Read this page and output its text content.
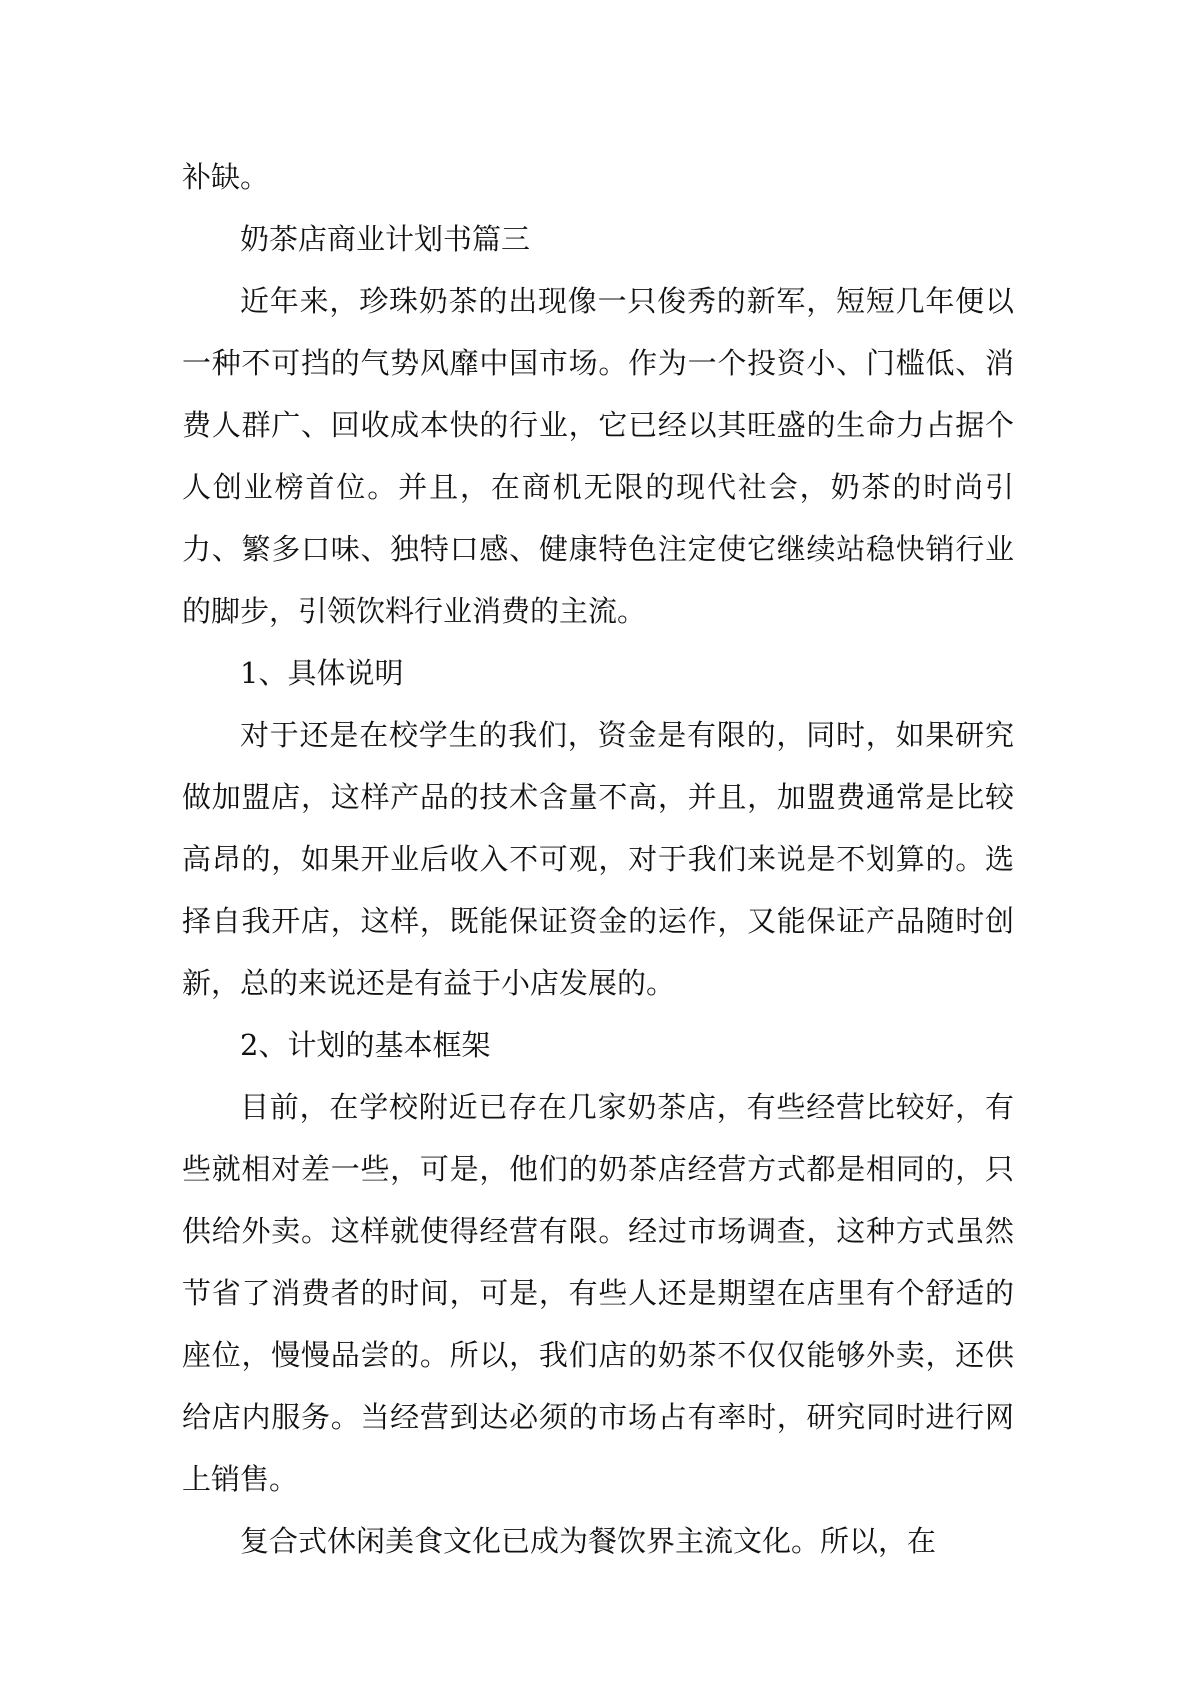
补缺。

奶茶店商业计划书篇三

近年来，珍珠奶茶的出现像一只俊秀的新军，短短几年便以一种不可挡的气势风靡中国市场。作为一个投资小、门槛低、消费人群广、回收成本快的行业，它已经以其旺盛的生命力占据个人创业榜首位。并且，在商机无限的现代社会，奶茶的时尚引力、繁多口味、独特口感、健康特色注定使它继续站稳快销行业的脚步，引领饮料行业消费的主流。

1、具体说明

对于还是在校学生的我们，资金是有限的，同时，如果研究做加盟店，这样产品的技术含量不高，并且，加盟费通常是比较高昂的，如果开业后收入不可观，对于我们来说是不划算的。选择自我开店，这样，既能保证资金的运作，又能保证产品随时创新，总的来说还是有益于小店发展的。

2、计划的基本框架

目前，在学校附近已存在几家奶茶店，有些经营比较好，有些就相对差一些，可是，他们的奶茶店经营方式都是相同的，只供给外卖。这样就使得经营有限。经过市场调查，这种方式虽然节省了消费者的时间，可是，有些人还是期望在店里有个舒适的座位，慢慢品尝的。所以，我们店的奶茶不仅仅能够外卖，还供给店内服务。当经营到达必须的市场占有率时，研究同时进行网上销售。

复合式休闲美食文化已成为餐饮界主流文化。所以，在
